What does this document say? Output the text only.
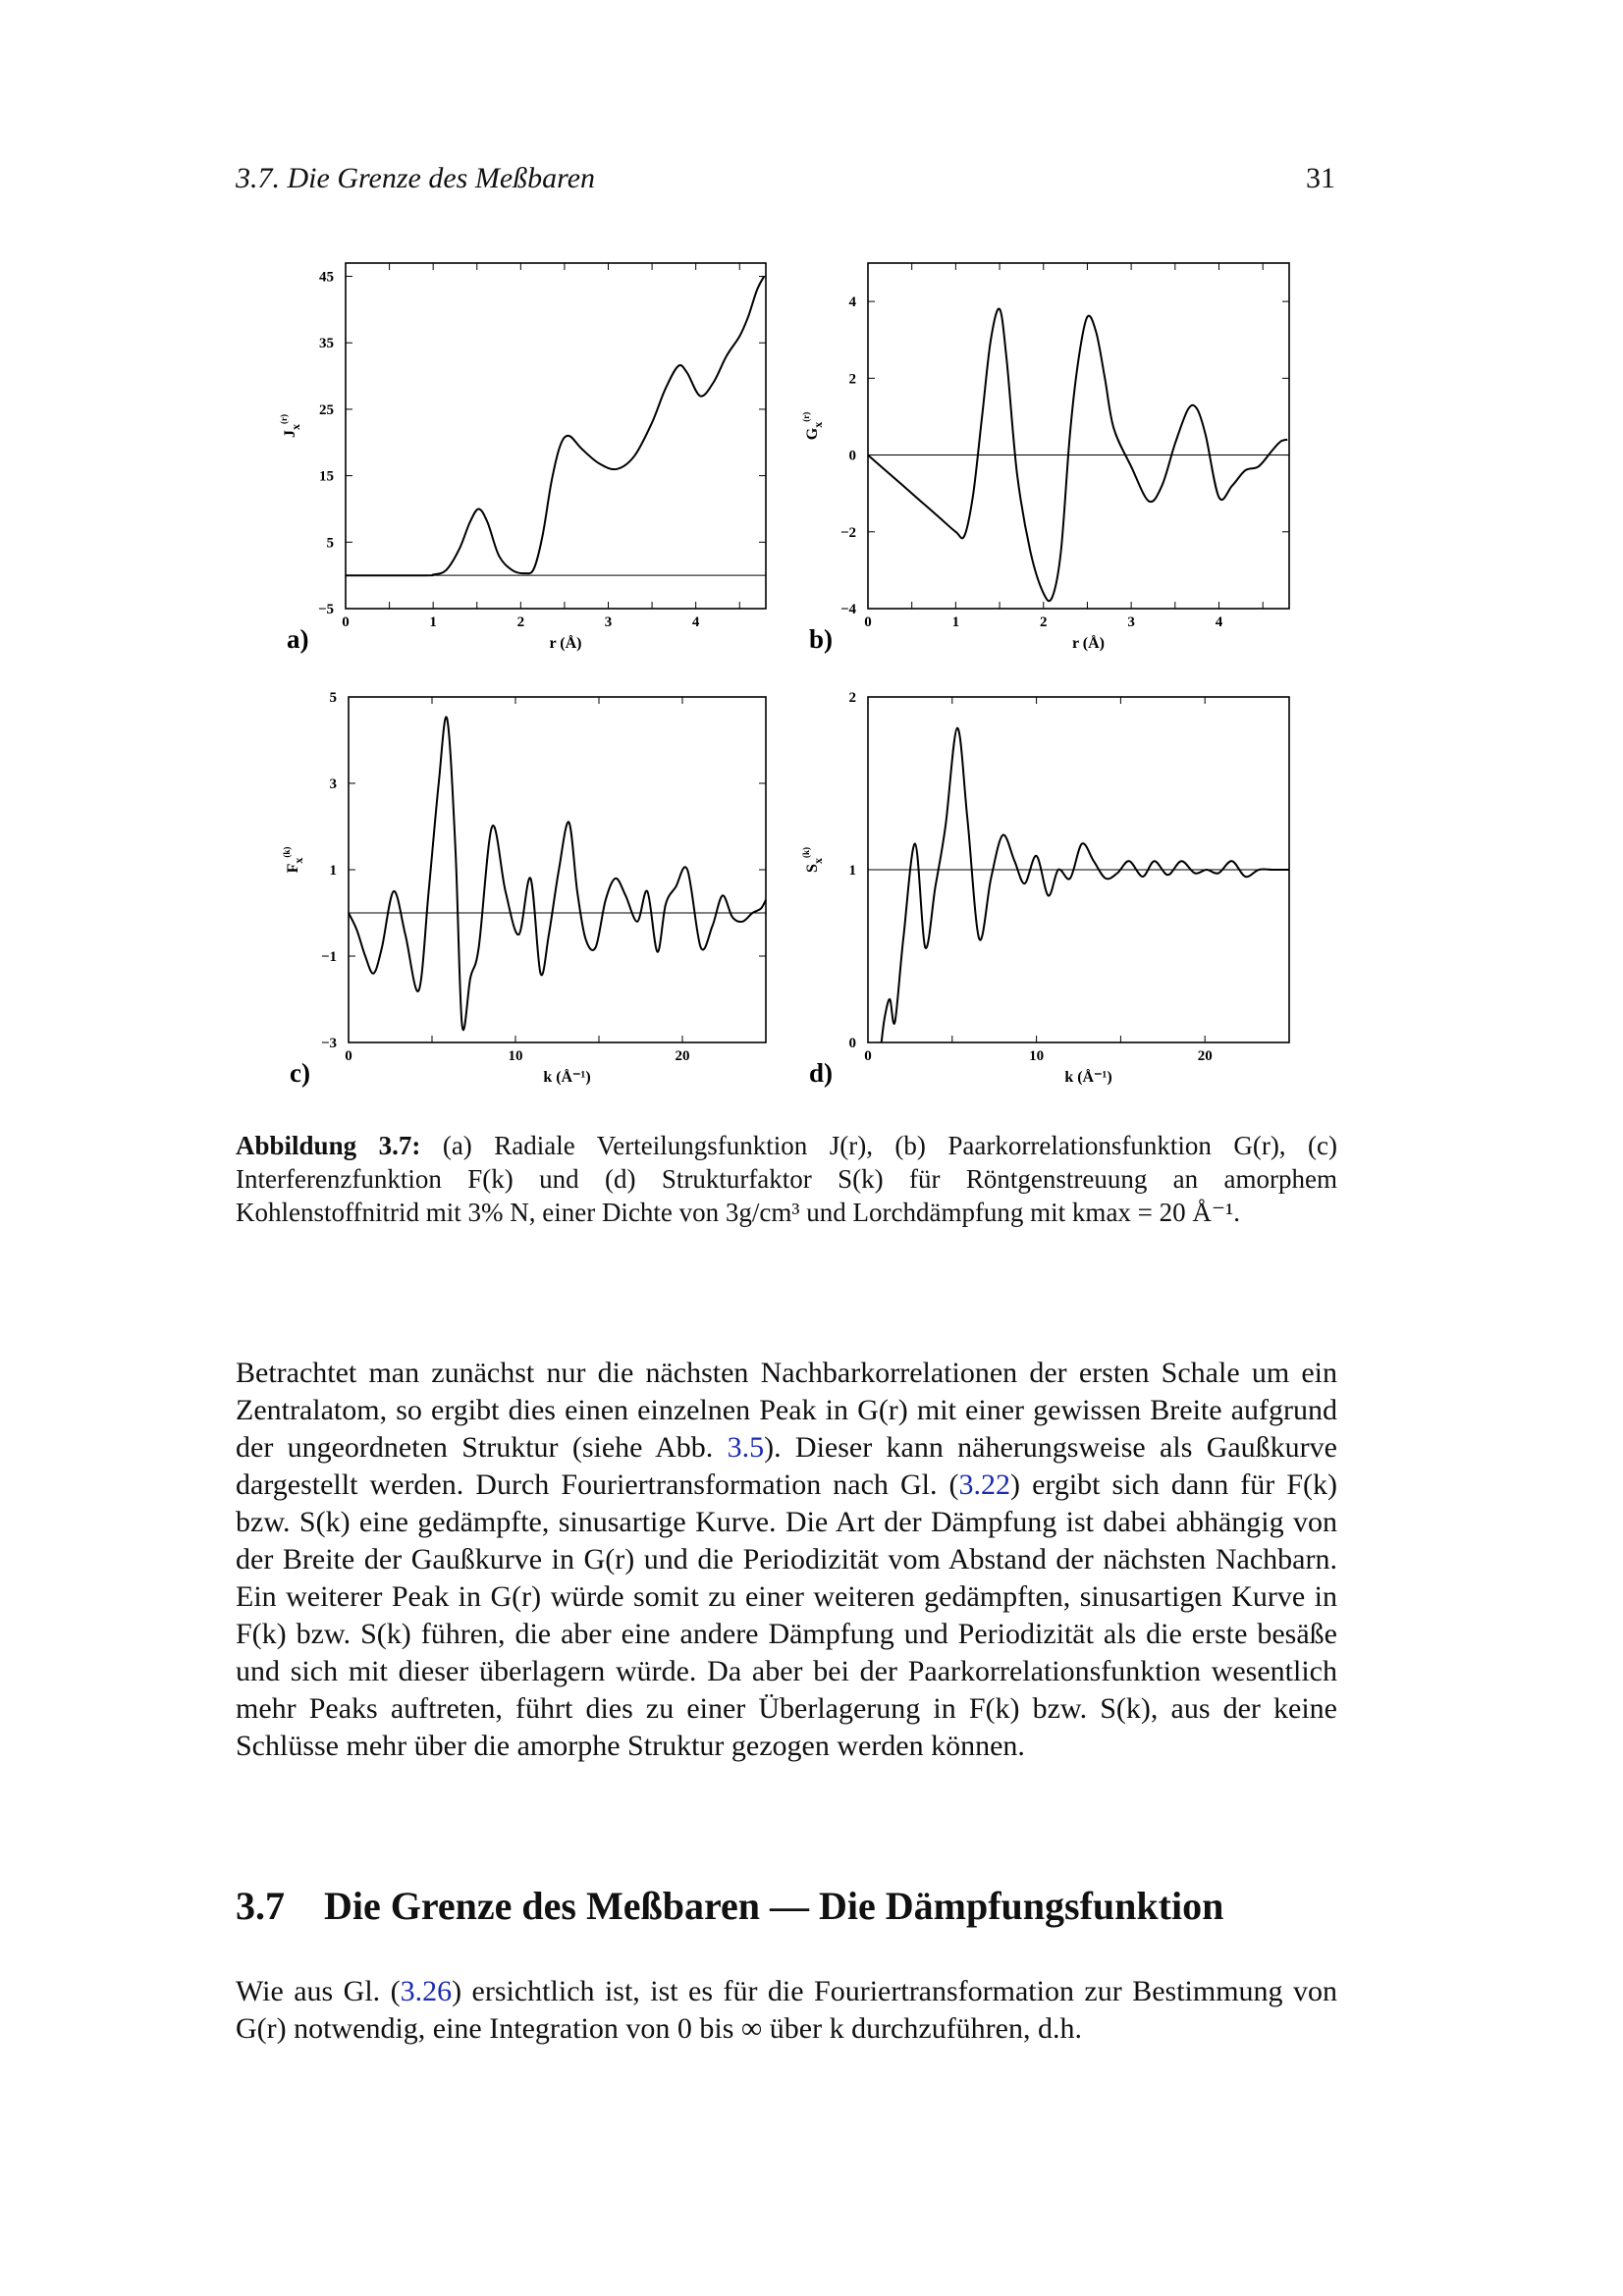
3.7. Die Grenze des Meßbaren	31
45
35
25
15
5
−5
0	1	2	3	4
r (Å)
$J_x^{(r)}$
a)
4
2
0
−2
−4
0	1	2	3	4
r (Å)
$G_x^{(r)}$
b)
5
3
1
−1
−3
0	10	20
k (Å⁻¹)
$F_x^{(k)}$
c)
2
1
0
0	10	20
k (Å⁻¹)
$S_x^{(k)}$
d)
Abbildung 3.7: (a) Radiale Verteilungsfunktion J(r), (b) Paarkorrelationsfunktion G(r), (c) Interferenzfunktion F(k) und (d) Strukturfaktor S(k) für Röntgenstreuung an amorphem Kohlenstoffnitrid mit 3% N, einer Dichte von 3g/cm³ und Lorchdämpfung mit kmax = 20 Å⁻¹.
Betrachtet man zunächst nur die nächsten Nachbarkorrelationen der ersten Schale um ein Zentralatom, so ergibt dies einen einzelnen Peak in G(r) mit einer gewissen Breite aufgrund der ungeordneten Struktur (siehe Abb. 3.5). Dieser kann näherungsweise als Gaußkurve dargestellt werden. Durch Fouriertransformation nach Gl. (3.22) ergibt sich dann für F(k) bzw. S(k) eine gedämpfte, sinusartige Kurve. Die Art der Dämpfung ist dabei abhängig von der Breite der Gaußkurve in G(r) und die Periodizität vom Abstand der nächsten Nachbarn. Ein weiterer Peak in G(r) würde somit zu einer weiteren gedämpften, sinusartigen Kurve in F(k) bzw. S(k) führen, die aber eine andere Dämpfung und Periodizität als die erste besäße und sich mit dieser überlagern würde. Da aber bei der Paarkorrelationsfunktion wesentlich mehr Peaks auftreten, führt dies zu einer Überlagerung in F(k) bzw. S(k), aus der keine Schlüsse mehr über die amorphe Struktur gezogen werden können.
3.7 Die Grenze des Meßbaren — Die Dämpfungsfunktion
Wie aus Gl. (3.26) ersichtlich ist, ist es für die Fouriertransformation zur Bestimmung von G(r) notwendig, eine Integration von 0 bis ∞ über k durchzuführen, d.h.
